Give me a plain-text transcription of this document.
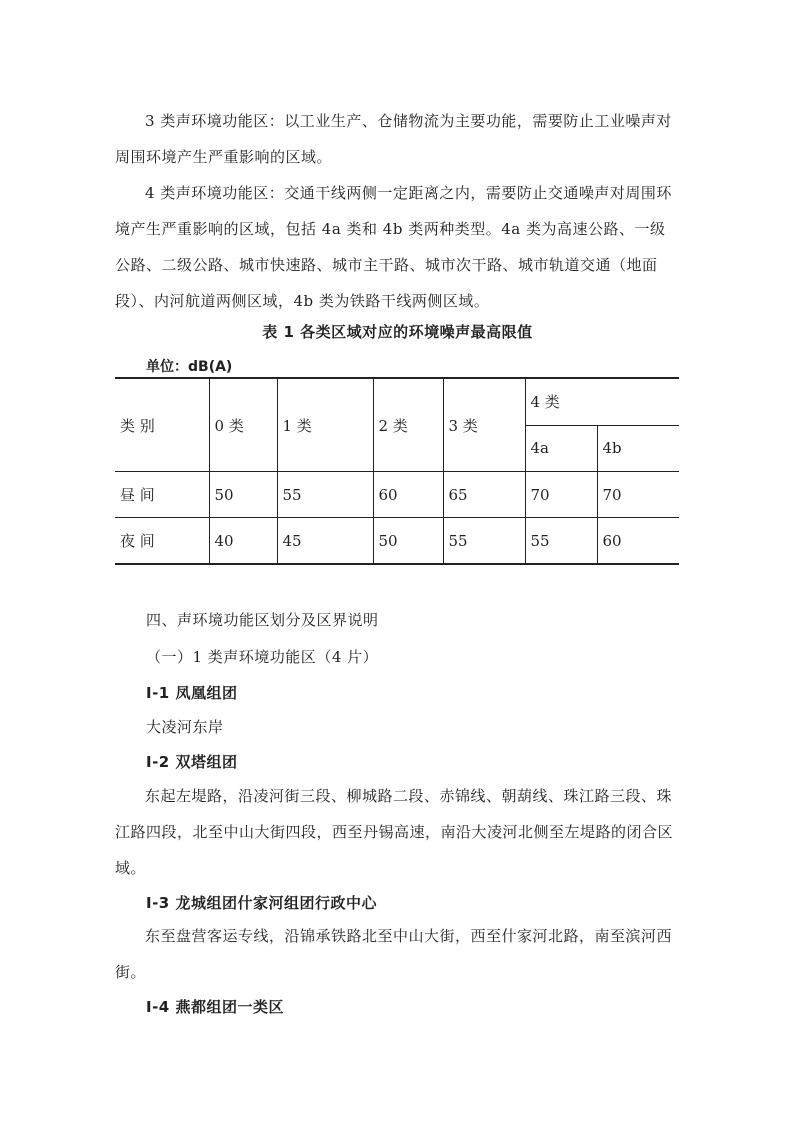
3 类声环境功能区：以工业生产、仓储物流为主要功能，需要防止工业噪声对周围环境产生严重影响的区域。

4 类声环境功能区：交通干线两侧一定距离之内，需要防止交通噪声对周围环境产生严重影响的区域，包括 4a 类和 4b 类两种类型。4a 类为高速公路、一级公路、二级公路、城市快速路、城市主干路、城市次干路、城市轨道交通（地面段）、内河航道两侧区域，4b 类为铁路干线两侧区域。

表 1 各类区域对应的环境噪声最高限值
单位：dB(A)
类 别	0 类	1 类	2 类	3 类	4 类	
					4a	4b
昼 间	50	55	60	65	70	70
夜 间	40	45	50	55	55	60
四、声环境功能区划分及区界说明
（一）1 类声环境功能区（4 片）
Ⅰ-1 凤凰组团
大凌河东岸
Ⅰ-2 双塔组团

东起左堤路，沿凌河街三段、柳城路二段、赤锦线、朝葫线、珠江路三段、珠江路四段，北至中山大街四段，西至丹锡高速，南沿大凌河北侧至左堤路的闭合区域。

Ⅰ-3 龙城组团什家河组团行政中心

东至盘营客运专线，沿锦承铁路北至中山大街，西至什家河北路，南至滨河西街。

Ⅰ-4 燕都组团一类区
